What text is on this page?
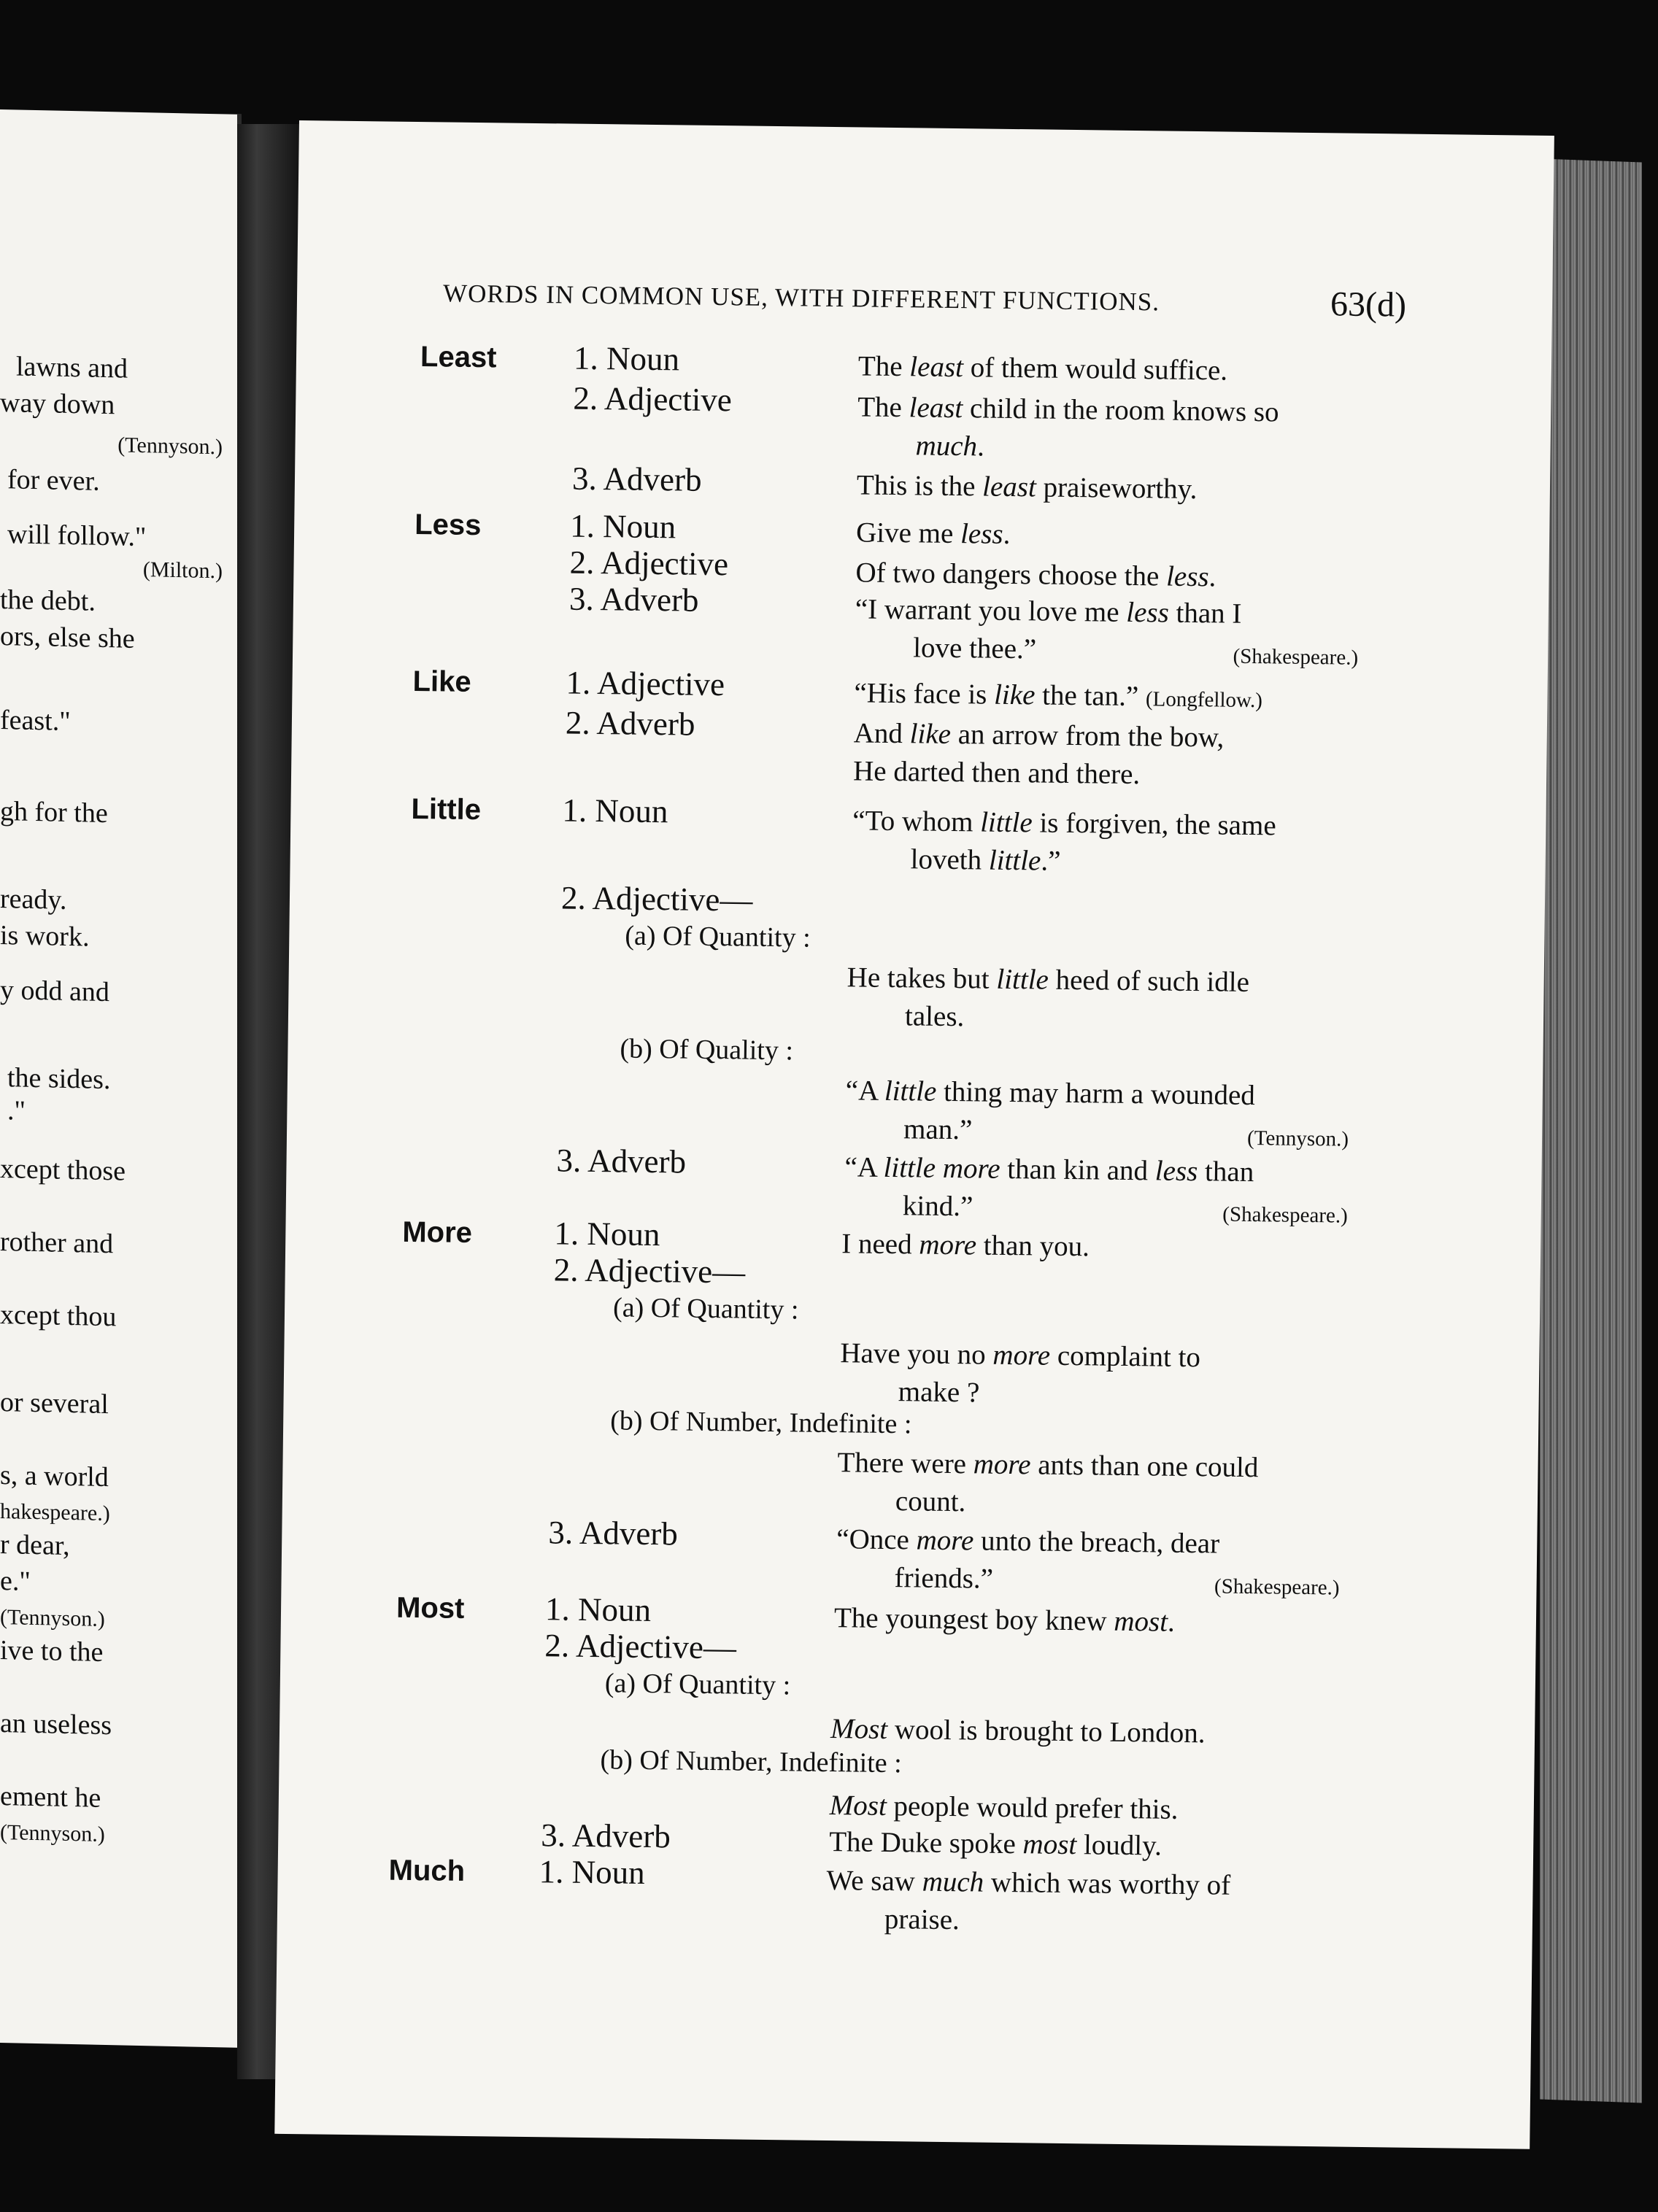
lawns and
way down
(Tennyson.)
for ever.
will follow."
(Milton.)
the debt.
ors, else she
feast."
gh for the
ready.
is work.
y odd and
the sides.
."
xcept those
rother and
xcept thou
or several
s, a world
hakespeare.)
r dear,
e."
(Tennyson.)
ive to the
an useless
ement he
(Tennyson.)
WORDS IN COMMON USE, WITH DIFFERENT FUNCTIONS.	63(d)
Least 1. Noun	The least of them would suffice.
2. Adjective	The least child in the room knows so
much.
3. Adverb	This is the least praiseworthy.
Less	1. Noun	Give me less.
2. Adjective	Of two dangers choose the less.
3. Adverb	“I warrant you love me less than I
love thee.”	(Shakespeare.)
Like	1. Adjective	“His face is like the tan.” (Longfellow.)
2. Adverb	And like an arrow from the bow,
He darted then and there.
Little 1. Noun	“To whom little is forgiven, the same
loveth little.”
2. Adjective—
(a) Of Quantity :
He takes but little heed of such idle
tales.
(b) Of Quality :
“A little thing may harm a wounded
man.”	(Tennyson.)
3. Adverb	“A little more than kin and less than
kind.”	(Shakespeare.)
More 1. Noun	I need more than you.
2. Adjective—
(a) Of Quantity :
Have you no more complaint to
make ?
(b) Of Number, Indefinite :
There were more ants than one could
count.
3. Adverb	“Once more unto the breach, dear
friends.”	(Shakespeare.)
Most 1. Noun	The youngest boy knew most.
2. Adjective—
(a) Of Quantity :
Most wool is brought to London.
(b) Of Number, Indefinite :
Most people would prefer this.
3. Adverb	The Duke spoke most loudly.
Much 1. Noun	We saw much which was worthy of
praise.
